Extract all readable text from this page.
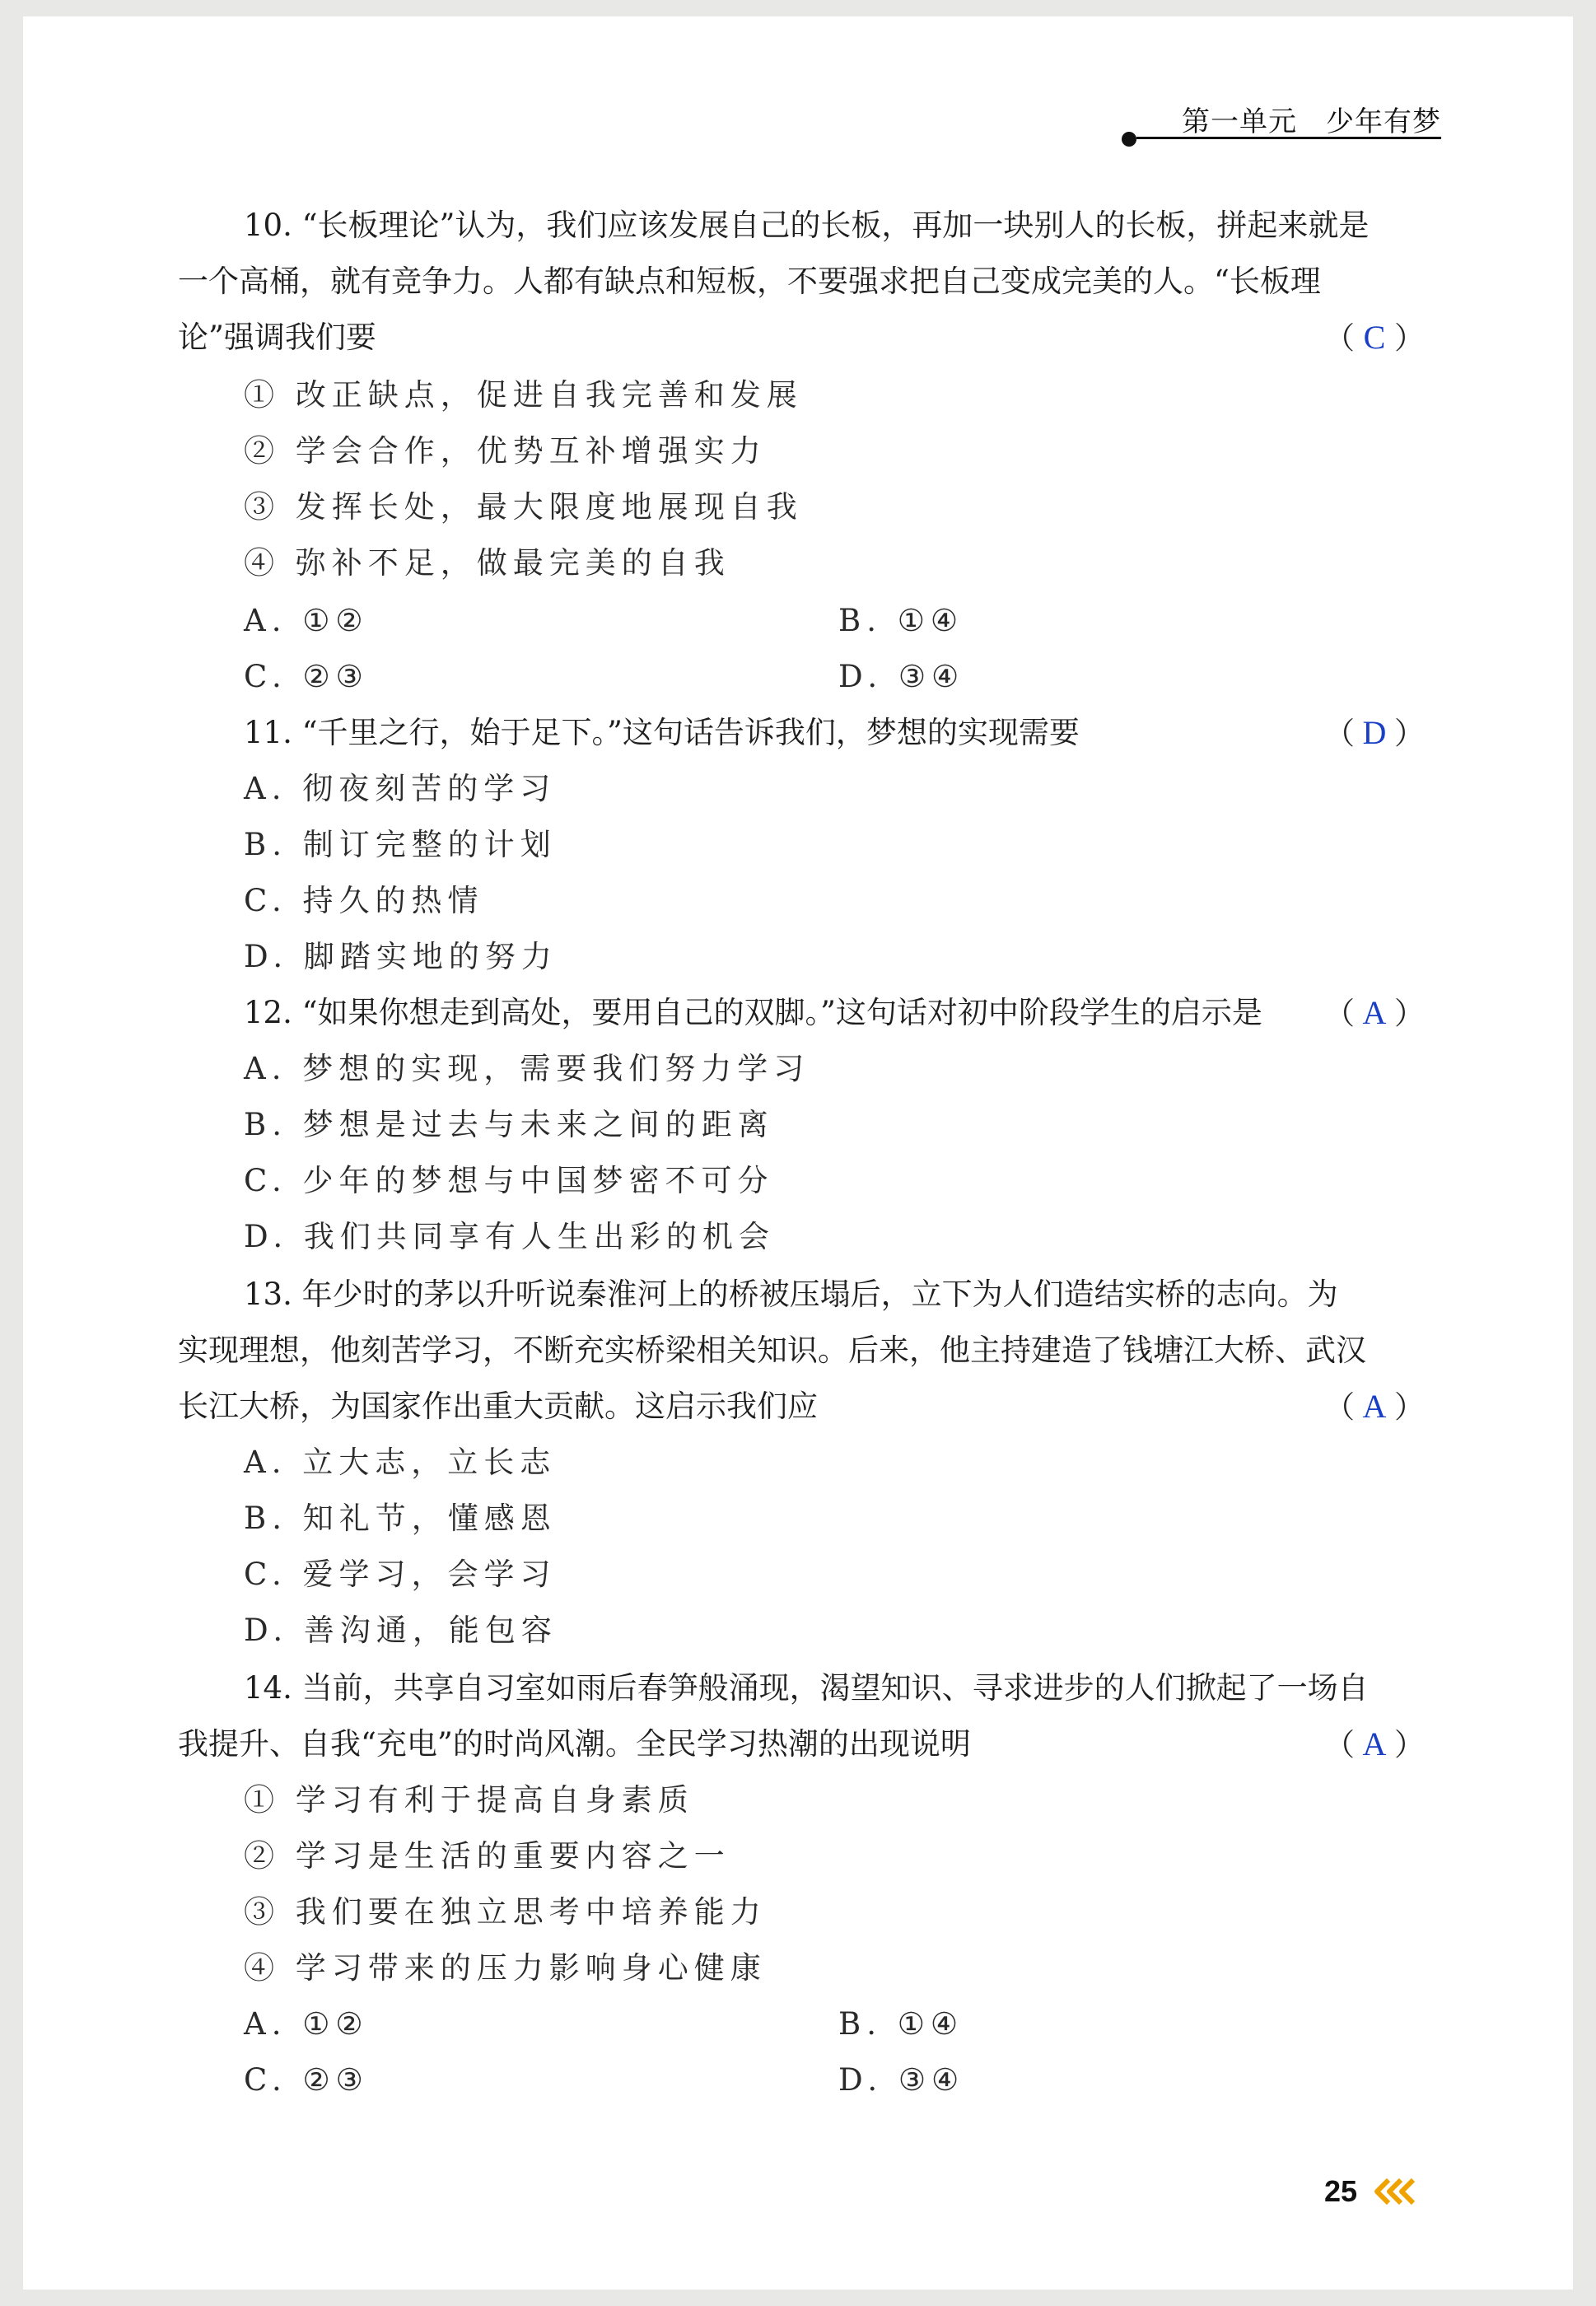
第一单元　少年有梦
10. “长板理论”认为，我们应该发展自己的长板，再加一块别人的长板，拼起来就是
一个高桶，就有竞争力。人都有缺点和短板，不要强求把自己变成完美的人。“长板理
论”强调我们要	（ C ）
① 改正缺点，促进自我完善和发展
② 学会合作，优势互补增强实力
③ 发挥长处，最大限度地展现自我
④ 弥补不足，做最完美的自我
A. ①②	B. ①④
C. ②③	D. ③④
11. “千里之行，始于足下。”这句话告诉我们，梦想的实现需要	（ D ）
A. 彻夜刻苦的学习
B. 制订完整的计划
C. 持久的热情
D. 脚踏实地的努力
12. “如果你想走到高处，要用自己的双脚。”这句话对初中阶段学生的启示是 （ A ）
A. 梦想的实现，需要我们努力学习
B. 梦想是过去与未来之间的距离
C. 少年的梦想与中国梦密不可分
D. 我们共同享有人生出彩的机会
13. 年少时的茅以升听说秦淮河上的桥被压塌后，立下为人们造结实桥的志向。为
实现理想，他刻苦学习，不断充实桥梁相关知识。后来，他主持建造了钱塘江大桥、武汉
长江大桥，为国家作出重大贡献。这启示我们应	（ A ）
A. 立大志，立长志
B. 知礼节，懂感恩
C. 爱学习，会学习
D. 善沟通，能包容
14. 当前，共享自习室如雨后春笋般涌现，渴望知识、寻求进步的人们掀起了一场自
我提升、自我“充电”的时尚风潮。全民学习热潮的出现说明	（ A ）
① 学习有利于提高自身素质
② 学习是生活的重要内容之一
③ 我们要在独立思考中培养能力
④ 学习带来的压力影响身心健康
A. ①②	B. ①④
C. ②③	D. ③④
25
